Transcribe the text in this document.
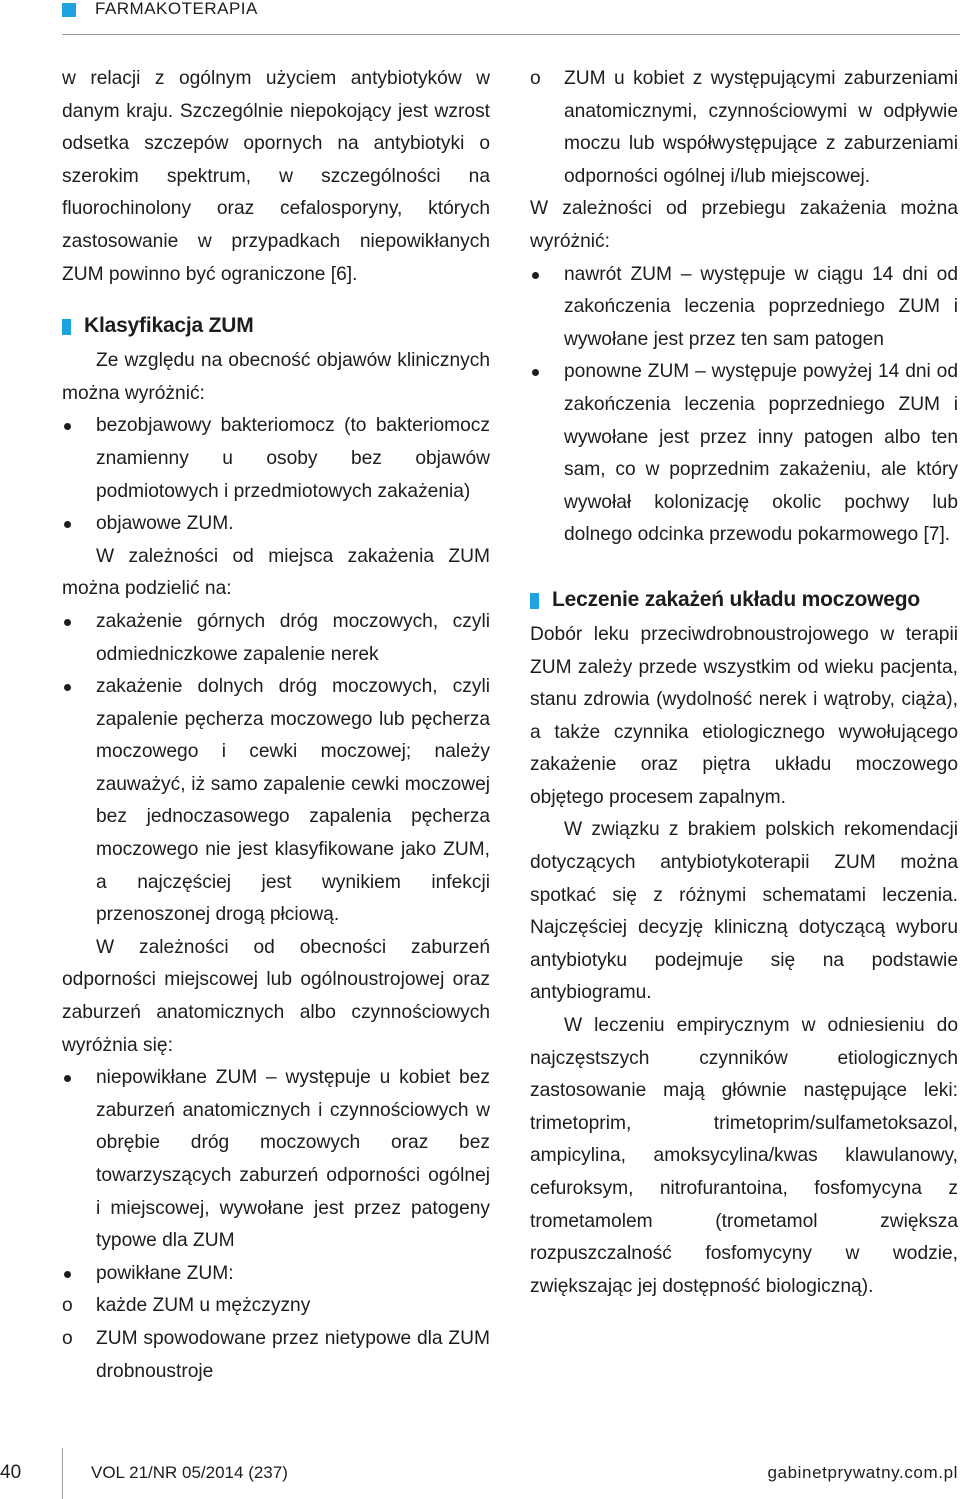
FARMAKOTERAPIA

w relacji z ogólnym użyciem antybiotyków w danym kraju. Szczególnie niepokojący jest wzrost odsetka szczepów opornych na antybiotyki o szerokim spektrum, w szczególności na fluorochinolony oraz cefalosporyny, których zastosowanie w przypadkach niepowikłanych ZUM powinno być ograniczone [6].

Klasyfikacja ZUM

Ze względu na obecność objawów klinicznych można wyróżnić:

bezobjawowy bakteriomocz (to bakteriomocz znamienny u osoby bez objawów podmiotowych i przedmiotowych zakażenia)
objawowe ZUM.

W zależności od miejsca zakażenia ZUM można podzielić na:

zakażenie górnych dróg moczowych, czyli odmiedniczkowe zapalenie nerek
zakażenie dolnych dróg moczowych, czyli zapalenie pęcherza moczowego lub pęcherza moczowego i cewki moczowej; należy zauważyć, iż samo zapalenie cewki moczowej bez jednoczasowego zapalenia pęcherza moczowego nie jest klasyfikowane jako ZUM, a najczęściej jest wynikiem infekcji przenoszonej drogą płciową.

W zależności od obecności zaburzeń odporności miejscowej lub ogólnoustrojowej oraz zaburzeń anatomicznych albo czynnościowych wyróżnia się:

niepowikłane ZUM – występuje u kobiet bez zaburzeń anatomicznych i czynnościowych w obrębie dróg moczowych oraz bez towarzyszących zaburzeń odporności ogólnej i miejscowej, wywołane jest przez patogeny typowe dla ZUM
powikłane ZUM:
o każde ZUM u mężczyzny
o ZUM spowodowane przez nietypowe dla ZUM drobnoustroje
o ZUM u kobiet z występującymi zaburzeniami anatomicznymi, czynnościowymi w odpływie moczu lub współwystępujące z zaburzeniami odporności ogólnej i/lub miejscowej.

W zależności od przebiegu zakażenia można wyróżnić:

nawrót ZUM – występuje w ciągu 14 dni od zakończenia leczenia poprzedniego ZUM i wywołane jest przez ten sam patogen
ponowne ZUM – występuje powyżej 14 dni od zakończenia leczenia poprzedniego ZUM i wywołane jest przez inny patogen albo ten sam, co w poprzednim zakażeniu, ale który wywołał kolonizację okolic pochwy lub dolnego odcinka przewodu pokarmowego [7].
Leczenie zakażeń układu moczowego

Dobór leku przeciwdrobnoustrojowego w terapii ZUM zależy przede wszystkim od wieku pacjenta, stanu zdrowia (wydolność nerek i wątroby, ciąża), a także czynnika etiologicznego wywołującego zakażenie oraz piętra układu moczowego objętego procesem zapalnym.

W związku z brakiem polskich rekomendacji dotyczących antybiotykoterapii ZUM można spotkać się z różnymi schematami leczenia. Najczęściej decyzję kliniczną dotyczącą wyboru antybiotyku podejmuje się na podstawie antybiogramu.

W leczeniu empirycznym w odniesieniu do najczęstszych czynników etiologicznych zastosowanie mają głównie następujące leki: trimetoprim, trimetoprim/sulfametoksazol, ampicylina, amoksycylina/kwas klawulanowy, cefuroksym, nitrofurantoina, fosfomycyna z trometamolem (trometamol zwiększa rozpuszczalność fosfomycyny w wodzie, zwiększając jej dostępność biologiczną).

40	VOL 21/NR 05/2014 (237)	gabinetprywatny.com.pl
